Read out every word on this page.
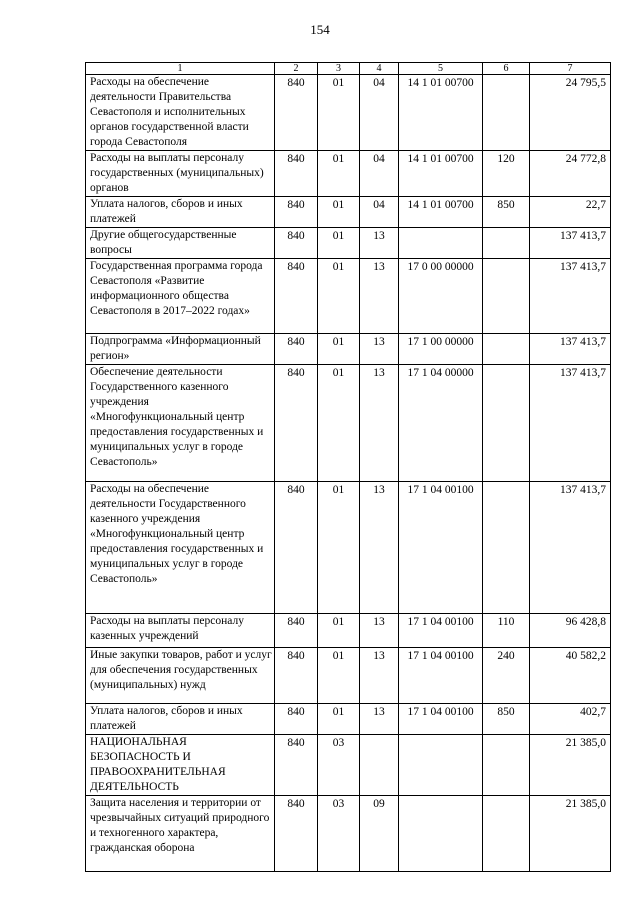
154
1	2	3	4	5	6	7
Расходы на обеспечение деятельности Правительства Севастополя и исполнительных органов государственной власти города Севастополя	840	01	04	14 1 01 00700		24 795,5
Расходы на выплаты персоналу государственных (муниципальных) органов	840	01	04	14 1 01 00700	120	24 772,8
Уплата налогов, сборов и иных платежей	840	01	04	14 1 01 00700	850	22,7
Другие общегосударственные вопросы	840	01	13			137 413,7
Государственная программа города Севастополя «Развитие информационного общества Севастополя в 2017–2022 годах»	840	01	13	17 0 00 00000		137 413,7
Подпрограмма «Информационный регион»	840	01	13	17 1 00 00000		137 413,7
Обеспечение деятельности Государственного казенного учреждения «Многофункциональный центр предоставления государственных и муниципальных услуг в городе Севастополь»	840	01	13	17 1 04 00000		137 413,7
Расходы на обеспечение деятельности Государственного казенного учреждения «Многофункциональный центр предоставления государственных и муниципальных услуг в городе Севастополь»	840	01	13	17 1 04 00100		137 413,7
Расходы на выплаты персоналу казенных учреждений	840	01	13	17 1 04 00100	110	96 428,8
Иные закупки товаров, работ и услуг для обеспечения государственных (муниципальных) нужд	840	01	13	17 1 04 00100	240	40 582,2
Уплата налогов, сборов и иных платежей	840	01	13	17 1 04 00100	850	402,7
НАЦИОНАЛЬНАЯ БЕЗОПАСНОСТЬ И ПРАВООХРАНИТЕЛЬНАЯ ДЕЯТЕЛЬНОСТЬ	840	03				21 385,0
Защита населения и территории от чрезвычайных ситуаций природного и техногенного характера, гражданская оборона	840	03	09			21 385,0
